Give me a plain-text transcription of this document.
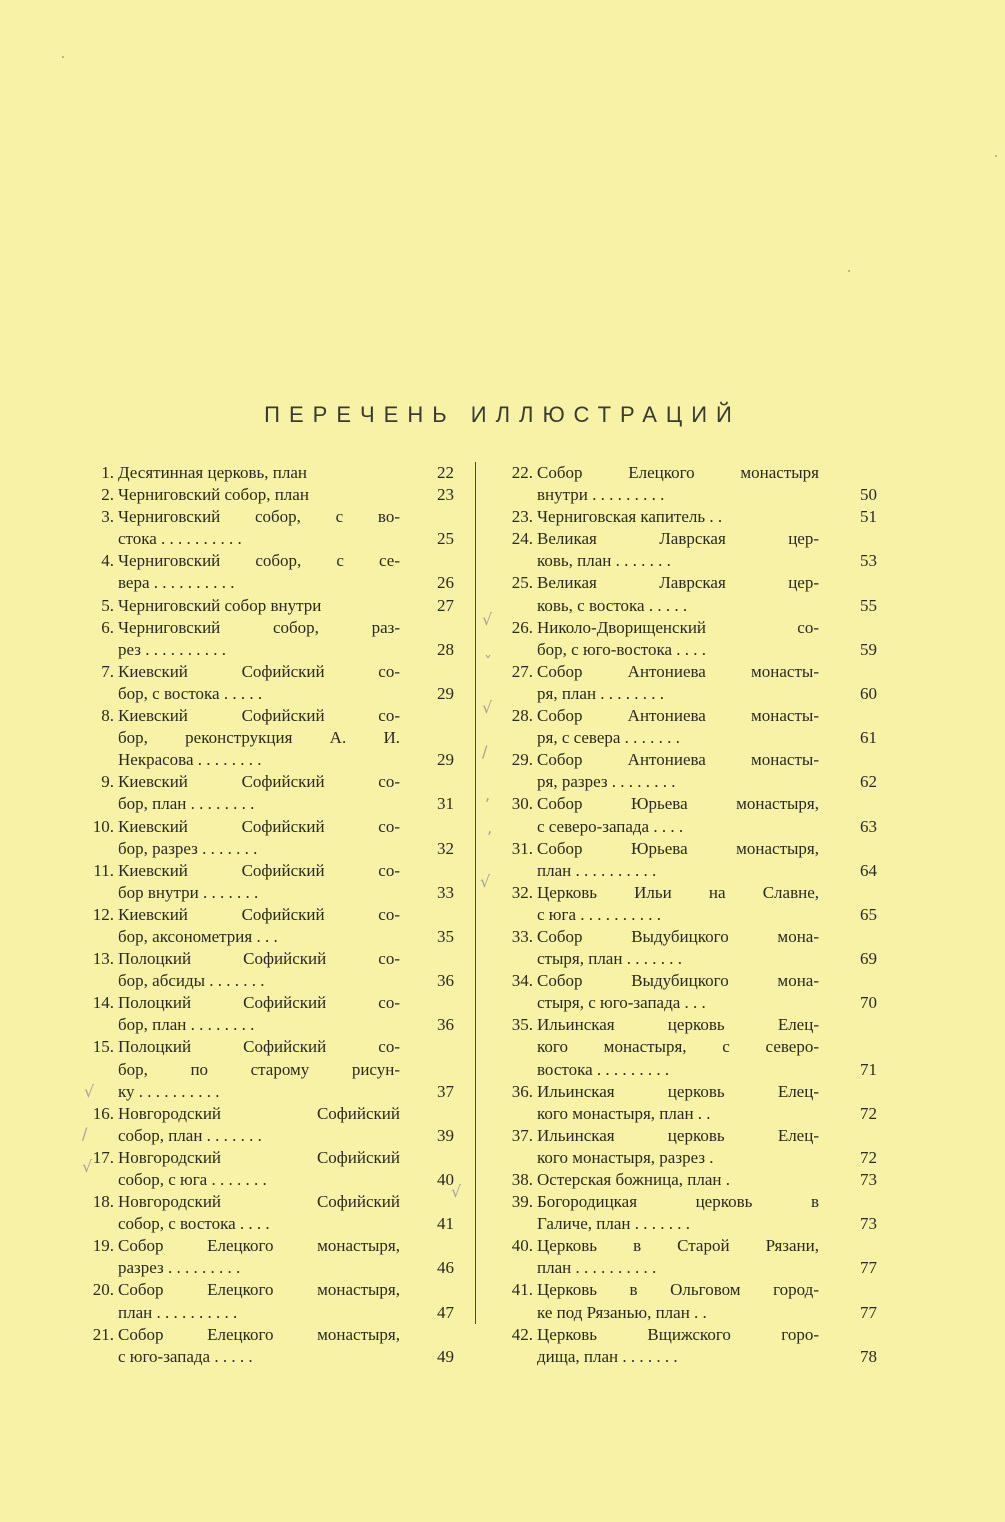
ПЕРЕЧЕНЬ ИЛЛЮСТРАЦИЙ
1. Десятинная церковь, план	22
2. Черниговский собор, план	23
3. Черниговский собор, с во-
стока . . . . . . . . . .	25
4. Черниговский собор, с се-
вера . . . . . . . . . .	26
5. Черниговский собор внутри	27
6. Черниговский собор, раз-
рез . . . . . . . . . .	28
7. Киевский Софийский со-
бор, с востока . . . . .	29
8. Киевский Софийский со-
бор, реконструкция А. И.
Некрасова . . . . . . . .	29
9. Киевский Софийский со-
бор, план . . . . . . . .	31
10. Киевский Софийский со-
бор, разрез . . . . . . .	32
11. Киевский Софийский со-
бор внутри . . . . . . .	33
12. Киевский Софийский со-
бор, аксонометрия . . .	35
13. Полоцкий Софийский со-
бор, абсиды . . . . . . .	36
14. Полоцкий Софийский со-
бор, план . . . . . . . .	36
15. Полоцкий Софийский со-
бор, по старому рисун-
ку . . . . . . . . . .	37
16. Новгородский Софийский
собор, план . . . . . . .	39
17. Новгородский Софийский
собор, с юга . . . . . . .	40
18. Новгородский Софийский
собор, с востока . . . .	41
19. Собор Елецкого монастыря,
разрез . . . . . . . . .	46
20. Собор Елецкого монастыря,
план . . . . . . . . . .	47
21. Собор Елецкого монастыря,
с юго-запада . . . . .	49
22. Собор Елецкого монастыря
внутри . . . . . . . . .	50
23. Черниговская капитель . .	51
24. Великая Лаврская цер-
ковь, план . . . . . . .	53
25. Великая Лаврская цер-
ковь, с востока . . . . .	55
26. Николо-Дворищенский со-
бор, с юго-востока . . . .	59
27. Собор Антониева монасты-
ря, план . . . . . . . .	60
28. Собор Антониева монасты-
ря, с севера . . . . . . .	61
29. Собор Антониева монасты-
ря, разрез . . . . . . . .	62
30. Собор Юрьева монастыря,
с северо-запада . . . .	63
31. Собор Юрьева монастыря,
план . . . . . . . . . .	64
32. Церковь Ильи на Славне,
с юга . . . . . . . . . .	65
33. Собор Выдубицкого мона-
стыря, план . . . . . . .	69
34. Собор Выдубицкого мона-
стыря, с юго-запада . . .	70
35. Ильинская церковь Елец-
кого монастыря, с северо-
востока . . . . . . . . .	71
36. Ильинская церковь Елец-
кого монастыря, план . .	72
37. Ильинская церковь Елец-
кого монастыря, разрез .	72
38. Остерская божница, план .	73
39. Богородицкая церковь в
Галиче, план . . . . . . .	73
40. Церковь в Старой Рязани,
план . . . . . . . . . .	77
41. Церковь в Ольговом город-
ке под Рязанью, план . .	77
42. Церковь Вщижского горо-
дища, план . . . . . . .	78
√
/
√
√
√
ˇ
√
/
,
ʼ
√
